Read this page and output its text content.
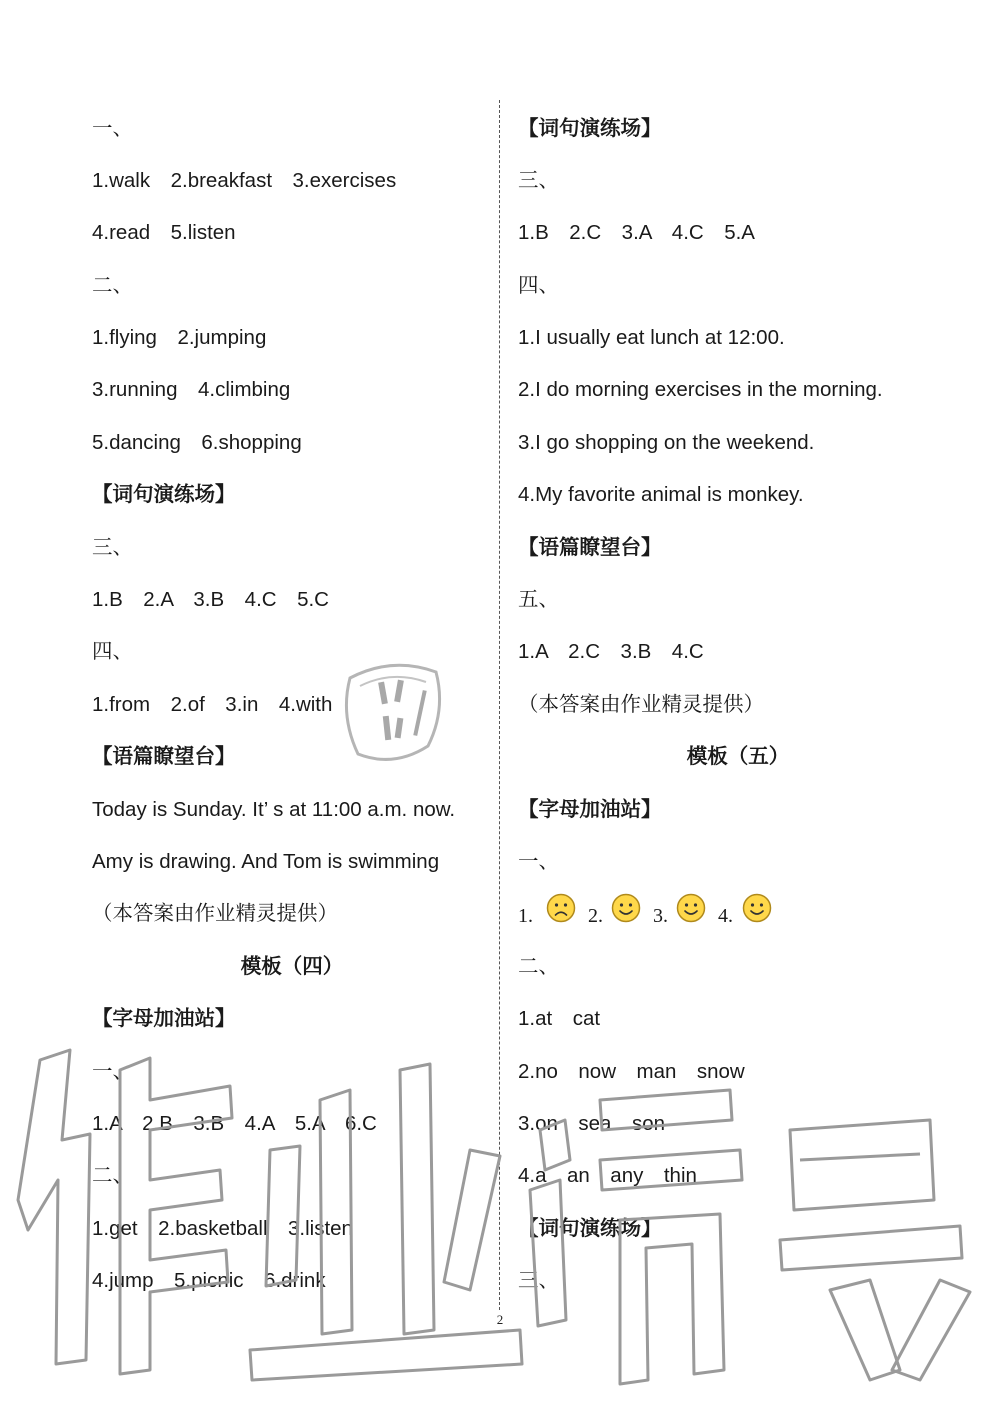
一、
1.walk　2.breakfast　3.exercises
4.read　5.listen
二、
1.flying　2.jumping
3.running　4.climbing
5.dancing　6.shopping
【词句演练场】
三、
1.B　2.A　3.B　4.C　5.C
四、
1.from　2.of　3.in　4.with
【语篇瞭望台】
Today is Sunday. It’ s at 11:00 a.m. now.
Amy is drawing. And Tom is swimming
（本答案由作业精灵提供）
模板（四）
【字母加油站】
一、
1.A　2.B　3.B　4.A　5.A　6.C
二、
1.get　2.basketball　3.listen
4.jump　5.picnic　6.drink
【词句演练场】
三、
1.B　2.C　3.A　4.C　5.A
四、
1.I usually eat lunch at 12:00.
2.I do morning exercises in the morning.
3.I go shopping on the weekend.
4.My favorite animal is monkey.
【语篇瞭望台】
五、
1.A　2.C　3.B　4.C
（本答案由作业精灵提供）
模板（五）
【字母加油站】
一、
1.	2.	3.	4.
二、
1.at　cat
2.no　now　man　snow
3.on　sea　son
4.a　an　any　thin
【词句演练场】
三、
2
